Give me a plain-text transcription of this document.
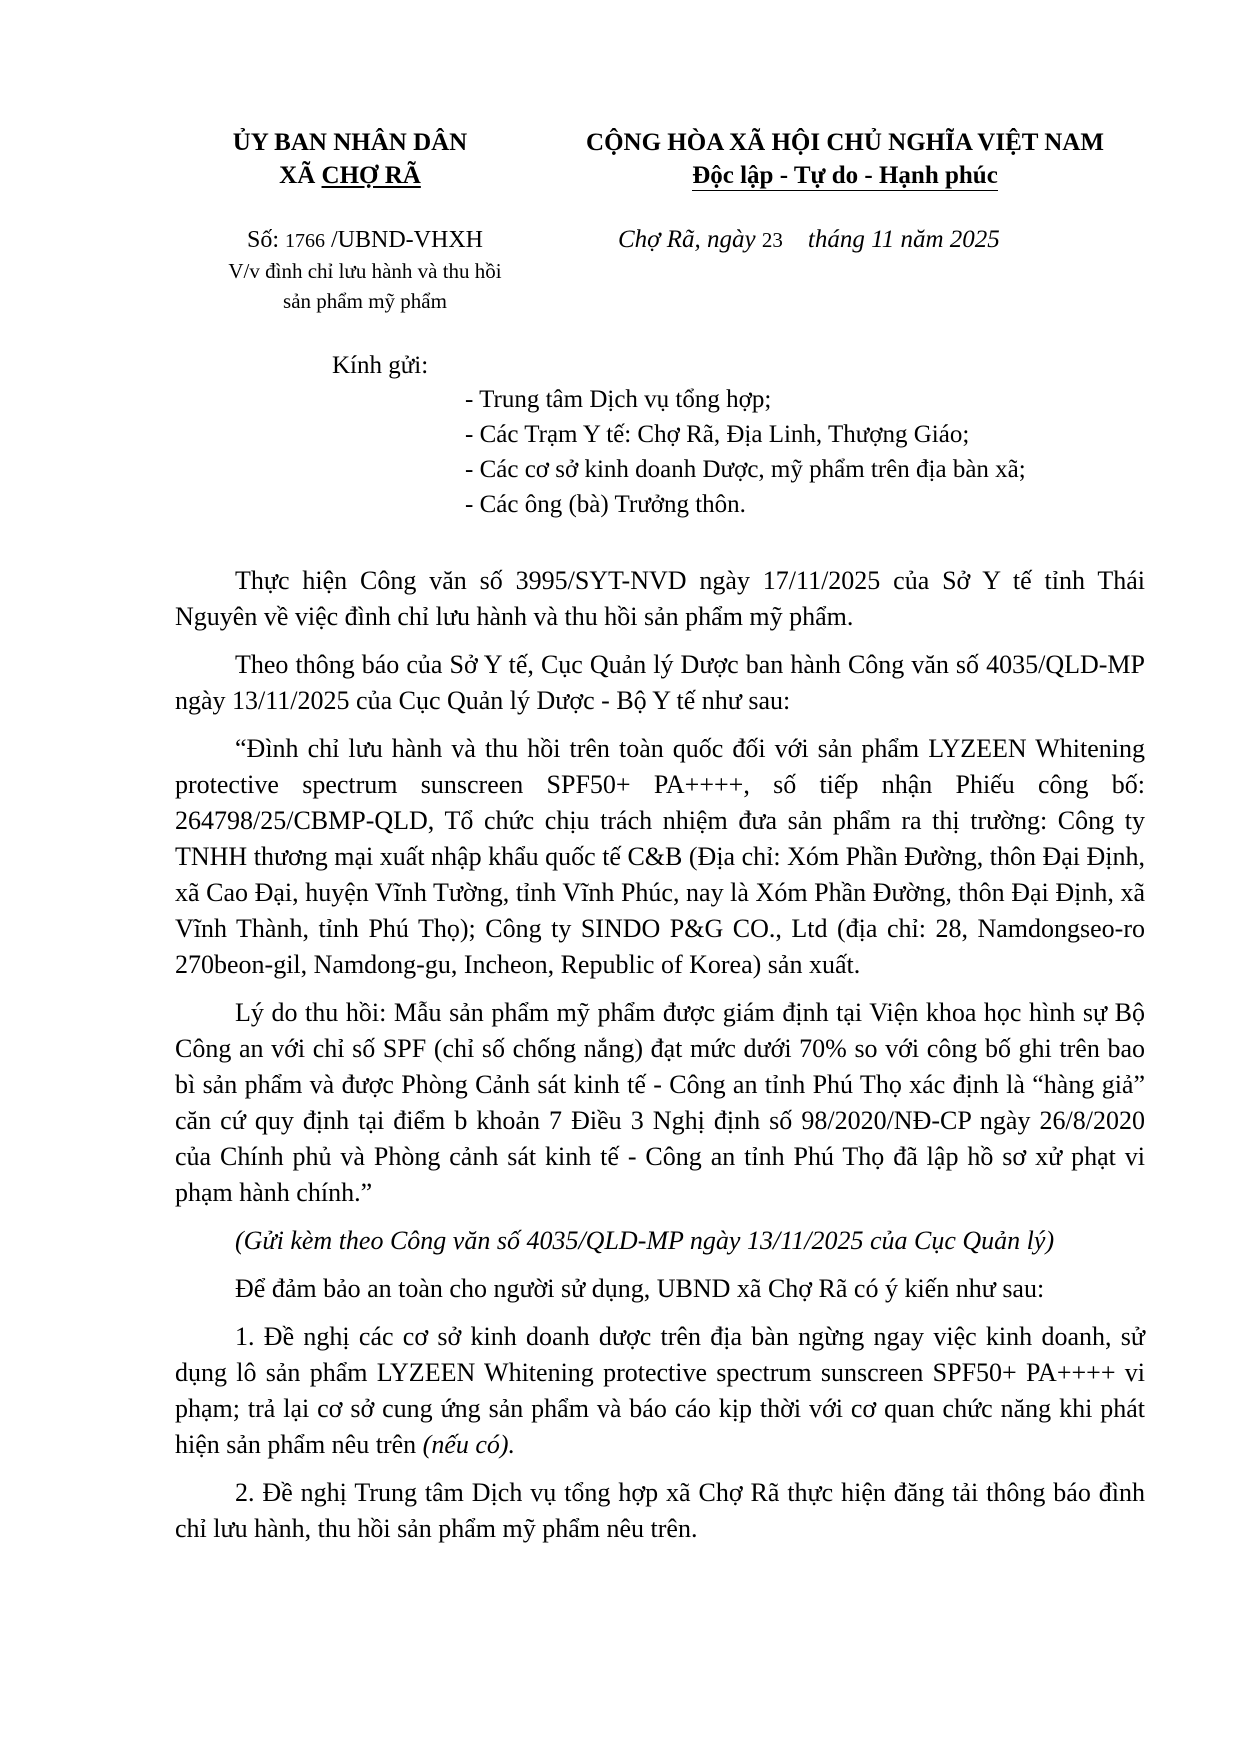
ỦY BAN NHÂN DÂN
XÃ CHỢ RÃ
CỘNG HÒA XÃ HỘI CHỦ NGHĨA VIỆT NAM
Độc lập - Tự do - Hạnh phúc
Số: 1766 /UBND-VHXH
V/v đình chỉ lưu hành và thu hồi
sản phẩm mỹ phẩm
Chợ Rã, ngày 23 tháng 11 năm 2025
Kính gửi:
- Trung tâm Dịch vụ tổng hợp;
- Các Trạm Y tế: Chợ Rã, Địa Linh, Thượng Giáo;
- Các cơ sở kinh doanh Dược, mỹ phẩm trên địa bàn xã;
- Các ông (bà) Trưởng thôn.

Thực hiện Công văn số 3995/SYT-NVD ngày 17/11/2025 của Sở Y tế tỉnh Thái Nguyên về việc đình chỉ lưu hành và thu hồi sản phẩm mỹ phẩm.

Theo thông báo của Sở Y tế, Cục Quản lý Dược ban hành Công văn số 4035/QLD-MP ngày 13/11/2025 của Cục Quản lý Dược - Bộ Y tế như sau:

“Đình chỉ lưu hành và thu hồi trên toàn quốc đối với sản phẩm LYZEEN Whitening protective spectrum sunscreen SPF50+ PA++++, số tiếp nhận Phiếu công bố: 264798/25/CBMP-QLD, Tổ chức chịu trách nhiệm đưa sản phẩm ra thị trường: Công ty TNHH thương mại xuất nhập khẩu quốc tế C&B (Địa chỉ: Xóm Phần Đường, thôn Đại Định, xã Cao Đại, huyện Vĩnh Tường, tỉnh Vĩnh Phúc, nay là Xóm Phần Đường, thôn Đại Định, xã Vĩnh Thành, tỉnh Phú Thọ); Công ty SINDO P&G CO., Ltd (địa chỉ: 28, Namdongseo-ro 270beon-gil, Namdong-gu, Incheon, Republic of Korea) sản xuất.

Lý do thu hồi: Mẫu sản phẩm mỹ phẩm được giám định tại Viện khoa học hình sự Bộ Công an với chỉ số SPF (chỉ số chống nắng) đạt mức dưới 70% so với công bố ghi trên bao bì sản phẩm và được Phòng Cảnh sát kinh tế - Công an tỉnh Phú Thọ xác định là “hàng giả” căn cứ quy định tại điểm b khoản 7 Điều 3 Nghị định số 98/2020/NĐ-CP ngày 26/8/2020 của Chính phủ và Phòng cảnh sát kinh tế - Công an tỉnh Phú Thọ đã lập hồ sơ xử phạt vi phạm hành chính.”

(Gửi kèm theo Công văn số 4035/QLD-MP ngày 13/11/2025 của Cục Quản lý)

Để đảm bảo an toàn cho người sử dụng, UBND xã Chợ Rã có ý kiến như sau:

1. Đề nghị các cơ sở kinh doanh dược trên địa bàn ngừng ngay việc kinh doanh, sử dụng lô sản phẩm LYZEEN Whitening protective spectrum sunscreen SPF50+ PA++++ vi phạm; trả lại cơ sở cung ứng sản phẩm và báo cáo kịp thời với cơ quan chức năng khi phát hiện sản phẩm nêu trên (nếu có).

2. Đề nghị Trung tâm Dịch vụ tổng hợp xã Chợ Rã thực hiện đăng tải thông báo đình chỉ lưu hành, thu hồi sản phẩm mỹ phẩm nêu trên.
